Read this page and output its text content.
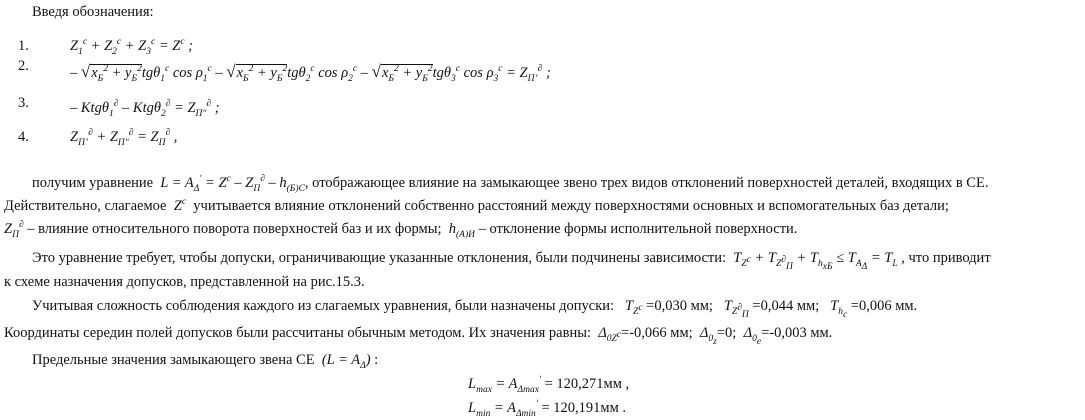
Введя обозначения:
1.
2.
3.
4.
$Z_1^c + Z_2^c + Z_3^c = Z^c$ ;
– $√x_Б^2 + y_Б^2tg\theta_1^c$ $\cos \rho_1^c - √x_Б^2 + y_Б^2tg\theta_2^c$ $\cos \rho_2^c - √x_Б^2 + y_Б^2tg\theta_3^c$ $\cos \rho_3^c = Z_{Пʼ}^\partial$ ;
– $Ktg\theta_1^\partial - Ktg\theta_2^\partial = Z_{Пʺ}^\partial$ ;
$Z_{Пʼ}^\partial + Z_{Пʺ}^\partial = Z_П^\partial$ ,
получим уравнение  $L = A_\Delta^ʹ = Z^c - Z_П^\partial - h_{(Б)С}$, отображающее влияние на замыкающее звено трех видов отклонений поверхностей деталей, входящих в СЕ.
Действительно, слагаемое  $Z^c$ учитывается влияние отклонений собственно расстояний между поверхностями основных и вспомогательных баз детали;
$Z_П^\partial$ – влияние относительного поворота поверхностей баз и их формы;  $h_{(A)И}$ – отклонение формы исполнительной поверхности.
Это уравнение требует, чтобы допуски, ограничивающие указанные отклонения, были подчинены зависимости:  $T_{Z^c} + T_{Z^\partial_П} + T_{h_{xБ}} \le T_{A_\Delta} = T_L$ , что приводит
к схеме назначения допусков, представленной на рис.15.3.
Учитывая сложность соблюдения каждого из слагаемых уравнения, были назначены допуски:   $T_{Z^c} =0,030$ мм;   $T_{Z^\partial_П} =0,044$ мм;   $T_{h_c} =0,006$ мм.
Координаты середин полей допусков были рассчитаны обычным методом. Их значения равны:  $\Delta_{0Z^c}=-0,066$ мм;  $\Delta_{0_z}=0$;  $\Delta_{0_e}=-0,003$ мм.
Предельные значения замыкающего звена СЕ  $(L = A_\Delta)$ :
$L_{max} = A_{\Delta max}^ʹ = 120,271мм$ ,
$L_{min} = A_{\Delta min}^ʹ = 120,191мм$ .
